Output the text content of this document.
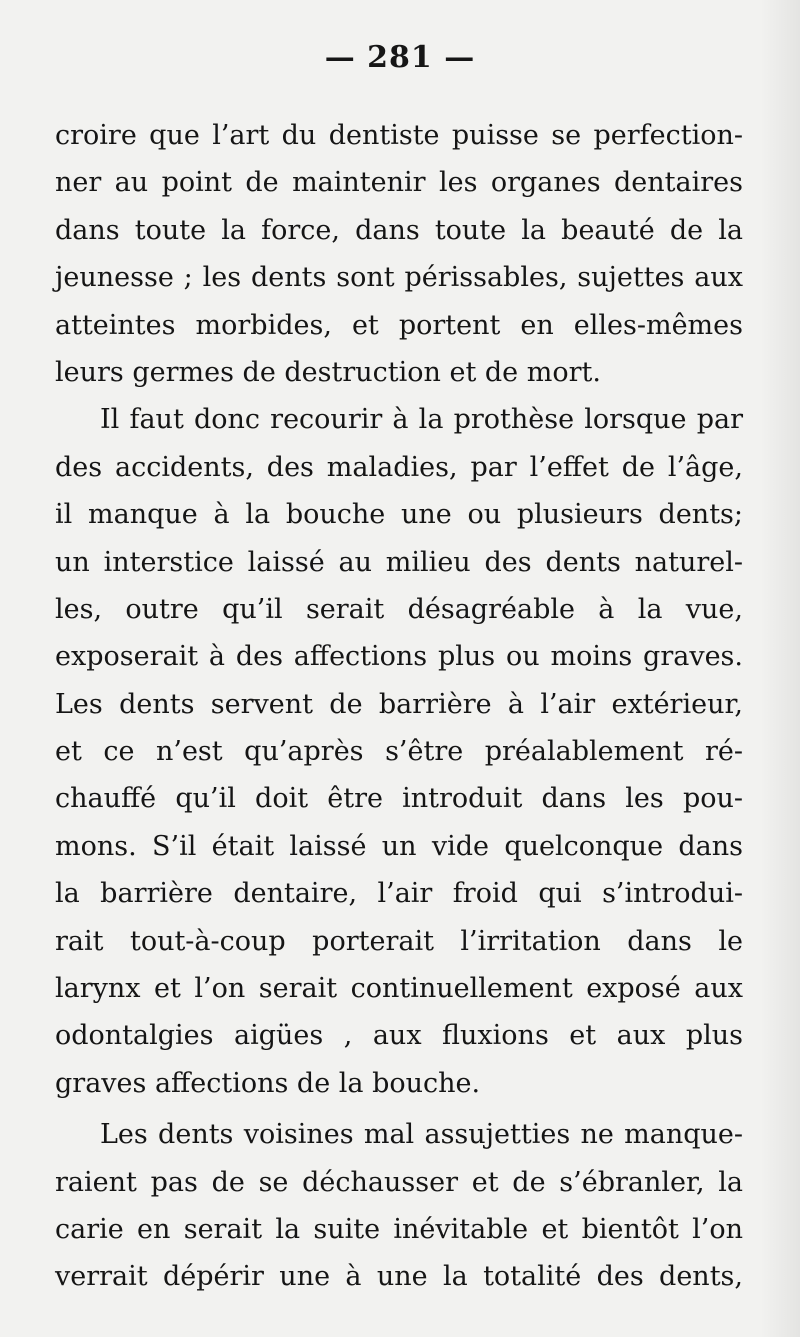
— 281 —
croire que l’art du dentiste puisse se perfection-
ner au point de maintenir les organes dentaires
dans toute la force, dans toute la beauté de la
jeunesse ; les dents sont périssables, sujettes aux
atteintes morbides, et portent en elles-mêmes
leurs germes de destruction et de mort.
Il faut donc recourir à la prothèse lorsque par
des accidents, des maladies, par l’effet de l’âge,
il manque à la bouche une ou plusieurs dents;
un interstice laissé au milieu des dents naturel-
les, outre qu’il serait désagréable à la vue,
exposerait à des affections plus ou moins graves.
Les dents servent de barrière à l’air extérieur,
et ce n’est qu’après s’être préalablement ré-
chauffé qu’il doit être introduit dans les pou-
mons. S’il était laissé un vide quelconque dans
la barrière dentaire, l’air froid qui s’introdui-
rait tout-à-coup porterait l’irritation dans le
larynx et l’on serait continuellement exposé aux
odontalgies aigües , aux fluxions et aux plus
graves affections de la bouche.
Les dents voisines mal assujetties ne manque-
raient pas de se déchausser et de s’ébranler, la
carie en serait la suite inévitable et bientôt l’on
verrait dépérir une à une la totalité des dents,
